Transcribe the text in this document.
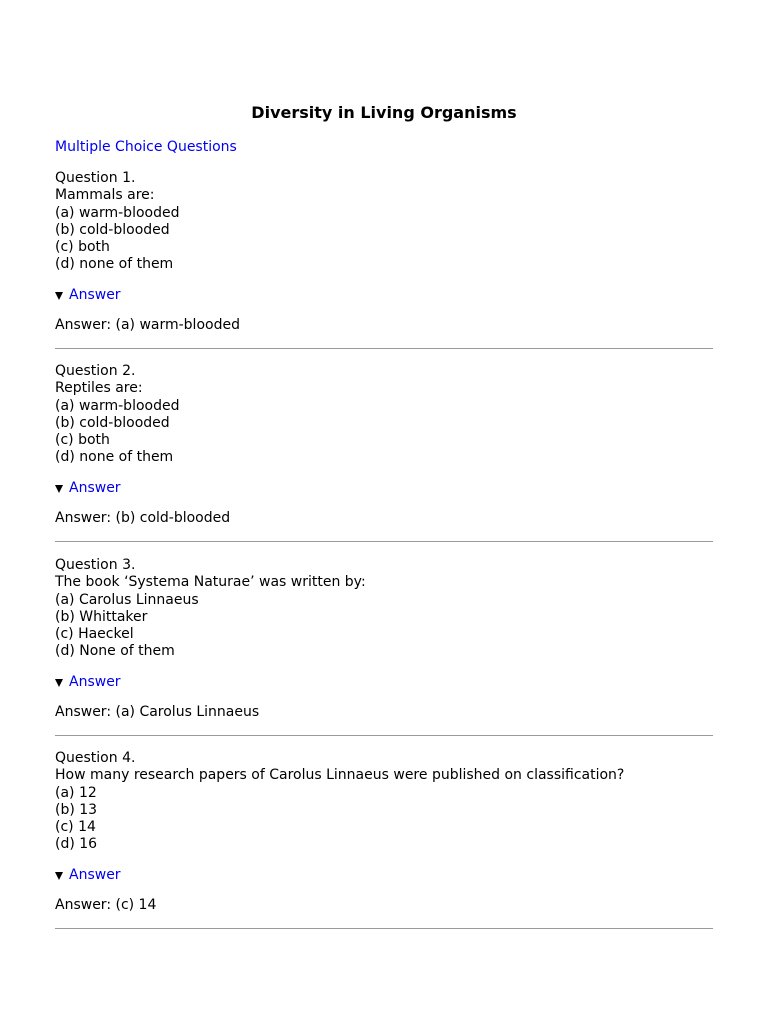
Diversity in Living Organisms
Multiple Choice Questions
Question 1.
Mammals are:
(a) warm-blooded
(b) cold-blooded
(c) both
(d) none of them
Answer
Answer: (a) warm-blooded
Question 2.
Reptiles are:
(a) warm-blooded
(b) cold-blooded
(c) both
(d) none of them
Answer
Answer: (b) cold-blooded
Question 3.
The book ‘Systema Naturae’ was written by:
(a) Carolus Linnaeus
(b) Whittaker
(c) Haeckel
(d) None of them
Answer
Answer: (a) Carolus Linnaeus
Question 4.
How many research papers of Carolus Linnaeus were published on classification?
(a) 12
(b) 13
(c) 14
(d) 16
Answer
Answer: (c) 14
